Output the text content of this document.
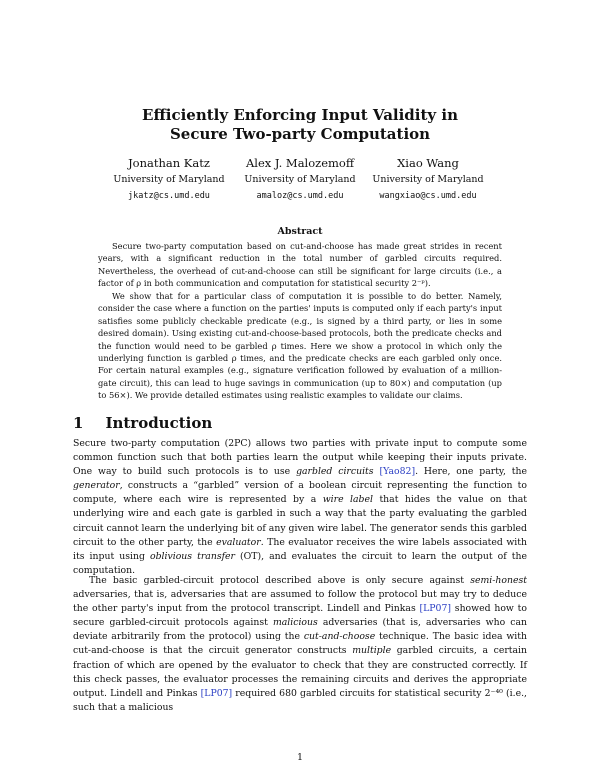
Efficiently Enforcing Input Validity in
Secure Two-party Computation
Jonathan Katz
University of Maryland
jkatz@cs.umd.edu
Alex J. Malozemoff
University of Maryland
amaloz@cs.umd.edu
Xiao Wang
University of Maryland
wangxiao@cs.umd.edu
Abstract

Secure two-party computation based on cut-and-choose has made great strides in recent years, with a significant reduction in the total number of garbled circuits required. Nevertheless, the overhead of cut-and-choose can still be significant for large circuits (i.e., a factor of ρ in both communication and computation for statistical security 2⁻ᵖ).

We show that for a particular class of computation it is possible to do better. Namely, consider the case where a function on the parties' inputs is computed only if each party's input satisfies some publicly checkable predicate (e.g., is signed by a third party, or lies in some desired domain). Using existing cut-and-choose-based protocols, both the predicate checks and the function would need to be garbled ρ times. Here we show a protocol in which only the underlying function is garbled ρ times, and the predicate checks are each garbled only once. For certain natural examples (e.g., signature verification followed by evaluation of a million-gate circuit), this can lead to huge savings in communication (up to 80×) and computation (up to 56×). We provide detailed estimates using realistic examples to validate our claims.

1 Introduction

Secure two-party computation (2PC) allows two parties with private input to compute some common function such that both parties learn the output while keeping their inputs private. One way to build such protocols is to use garbled circuits [Yao82]. Here, one party, the generator, constructs a “garbled” version of a boolean circuit representing the function to compute, where each wire is represented by a wire label that hides the value on that underlying wire and each gate is garbled in such a way that the party evaluating the garbled circuit cannot learn the underlying bit of any given wire label. The generator sends this garbled circuit to the other party, the evaluator. The evaluator receives the wire labels associated with its input using oblivious transfer (OT), and evaluates the circuit to learn the output of the computation.

The basic garbled-circuit protocol described above is only secure against semi-honest adversaries, that is, adversaries that are assumed to follow the protocol but may try to deduce the other party's input from the protocol transcript. Lindell and Pinkas [LP07] showed how to secure garbled-circuit protocols against malicious adversaries (that is, adversaries who can deviate arbitrarily from the protocol) using the cut-and-choose technique. The basic idea with cut-and-choose is that the circuit generator constructs multiple garbled circuits, a certain fraction of which are opened by the evaluator to check that they are constructed correctly. If this check passes, the evaluator processes the remaining circuits and derives the appropriate output. Lindell and Pinkas [LP07] required 680 garbled circuits for statistical security 2⁻⁴⁰ (i.e., such that a malicious

1
